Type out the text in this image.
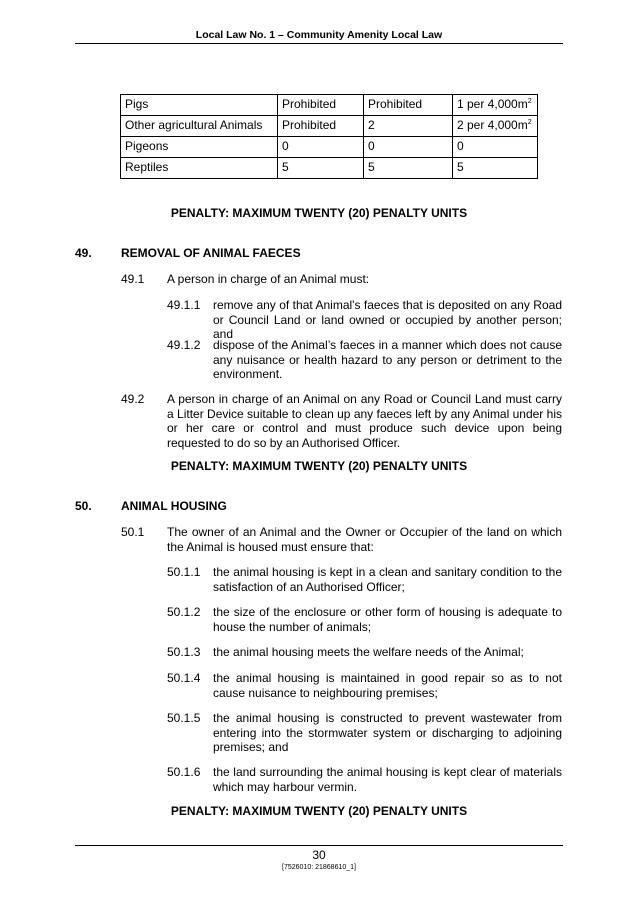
Local Law No. 1 – Community Amenity Local Law
Pigs	Prohibited	Prohibited	1 per $4,000m^2$
Other agricultural Animals	Prohibited	2	2 per $4,000m^2$
Pigeons	0	0	0
Reptiles	5	5	5
PENALTY: MAXIMUM TWENTY (20) PENALTY UNITS
49. REMOVAL OF ANIMAL FAECES
49.1 A person in charge of an Animal must:
49.1.1 remove any of that Animal's faeces that is deposited on any Road or Council Land or land owned or occupied by another person; and
49.1.2 dispose of the Animal’s faeces in a manner which does not cause any nuisance or health hazard to any person or detriment to the environment.
49.2 A person in charge of an Animal on any Road or Council Land must carry a Litter Device suitable to clean up any faeces left by any Animal under his or her care or control and must produce such device upon being requested to do so by an Authorised Officer.
PENALTY: MAXIMUM TWENTY (20) PENALTY UNITS
50. ANIMAL HOUSING
50.1 The owner of an Animal and the Owner or Occupier of the land on which the Animal is housed must ensure that:
50.1.1 the animal housing is kept in a clean and sanitary condition to the satisfaction of an Authorised Officer;
50.1.2 the size of the enclosure or other form of housing is adequate to house the number of animals;
50.1.3 the animal housing meets the welfare needs of the Animal;
50.1.4 the animal housing is maintained in good repair so as to not cause nuisance to neighbouring premises;
50.1.5 the animal housing is constructed to prevent wastewater from entering into the stormwater system or discharging to adjoining premises; and
50.1.6 the land surrounding the animal housing is kept clear of materials which may harbour vermin.
PENALTY: MAXIMUM TWENTY (20) PENALTY UNITS
30
[7526010: 21868610_1]
